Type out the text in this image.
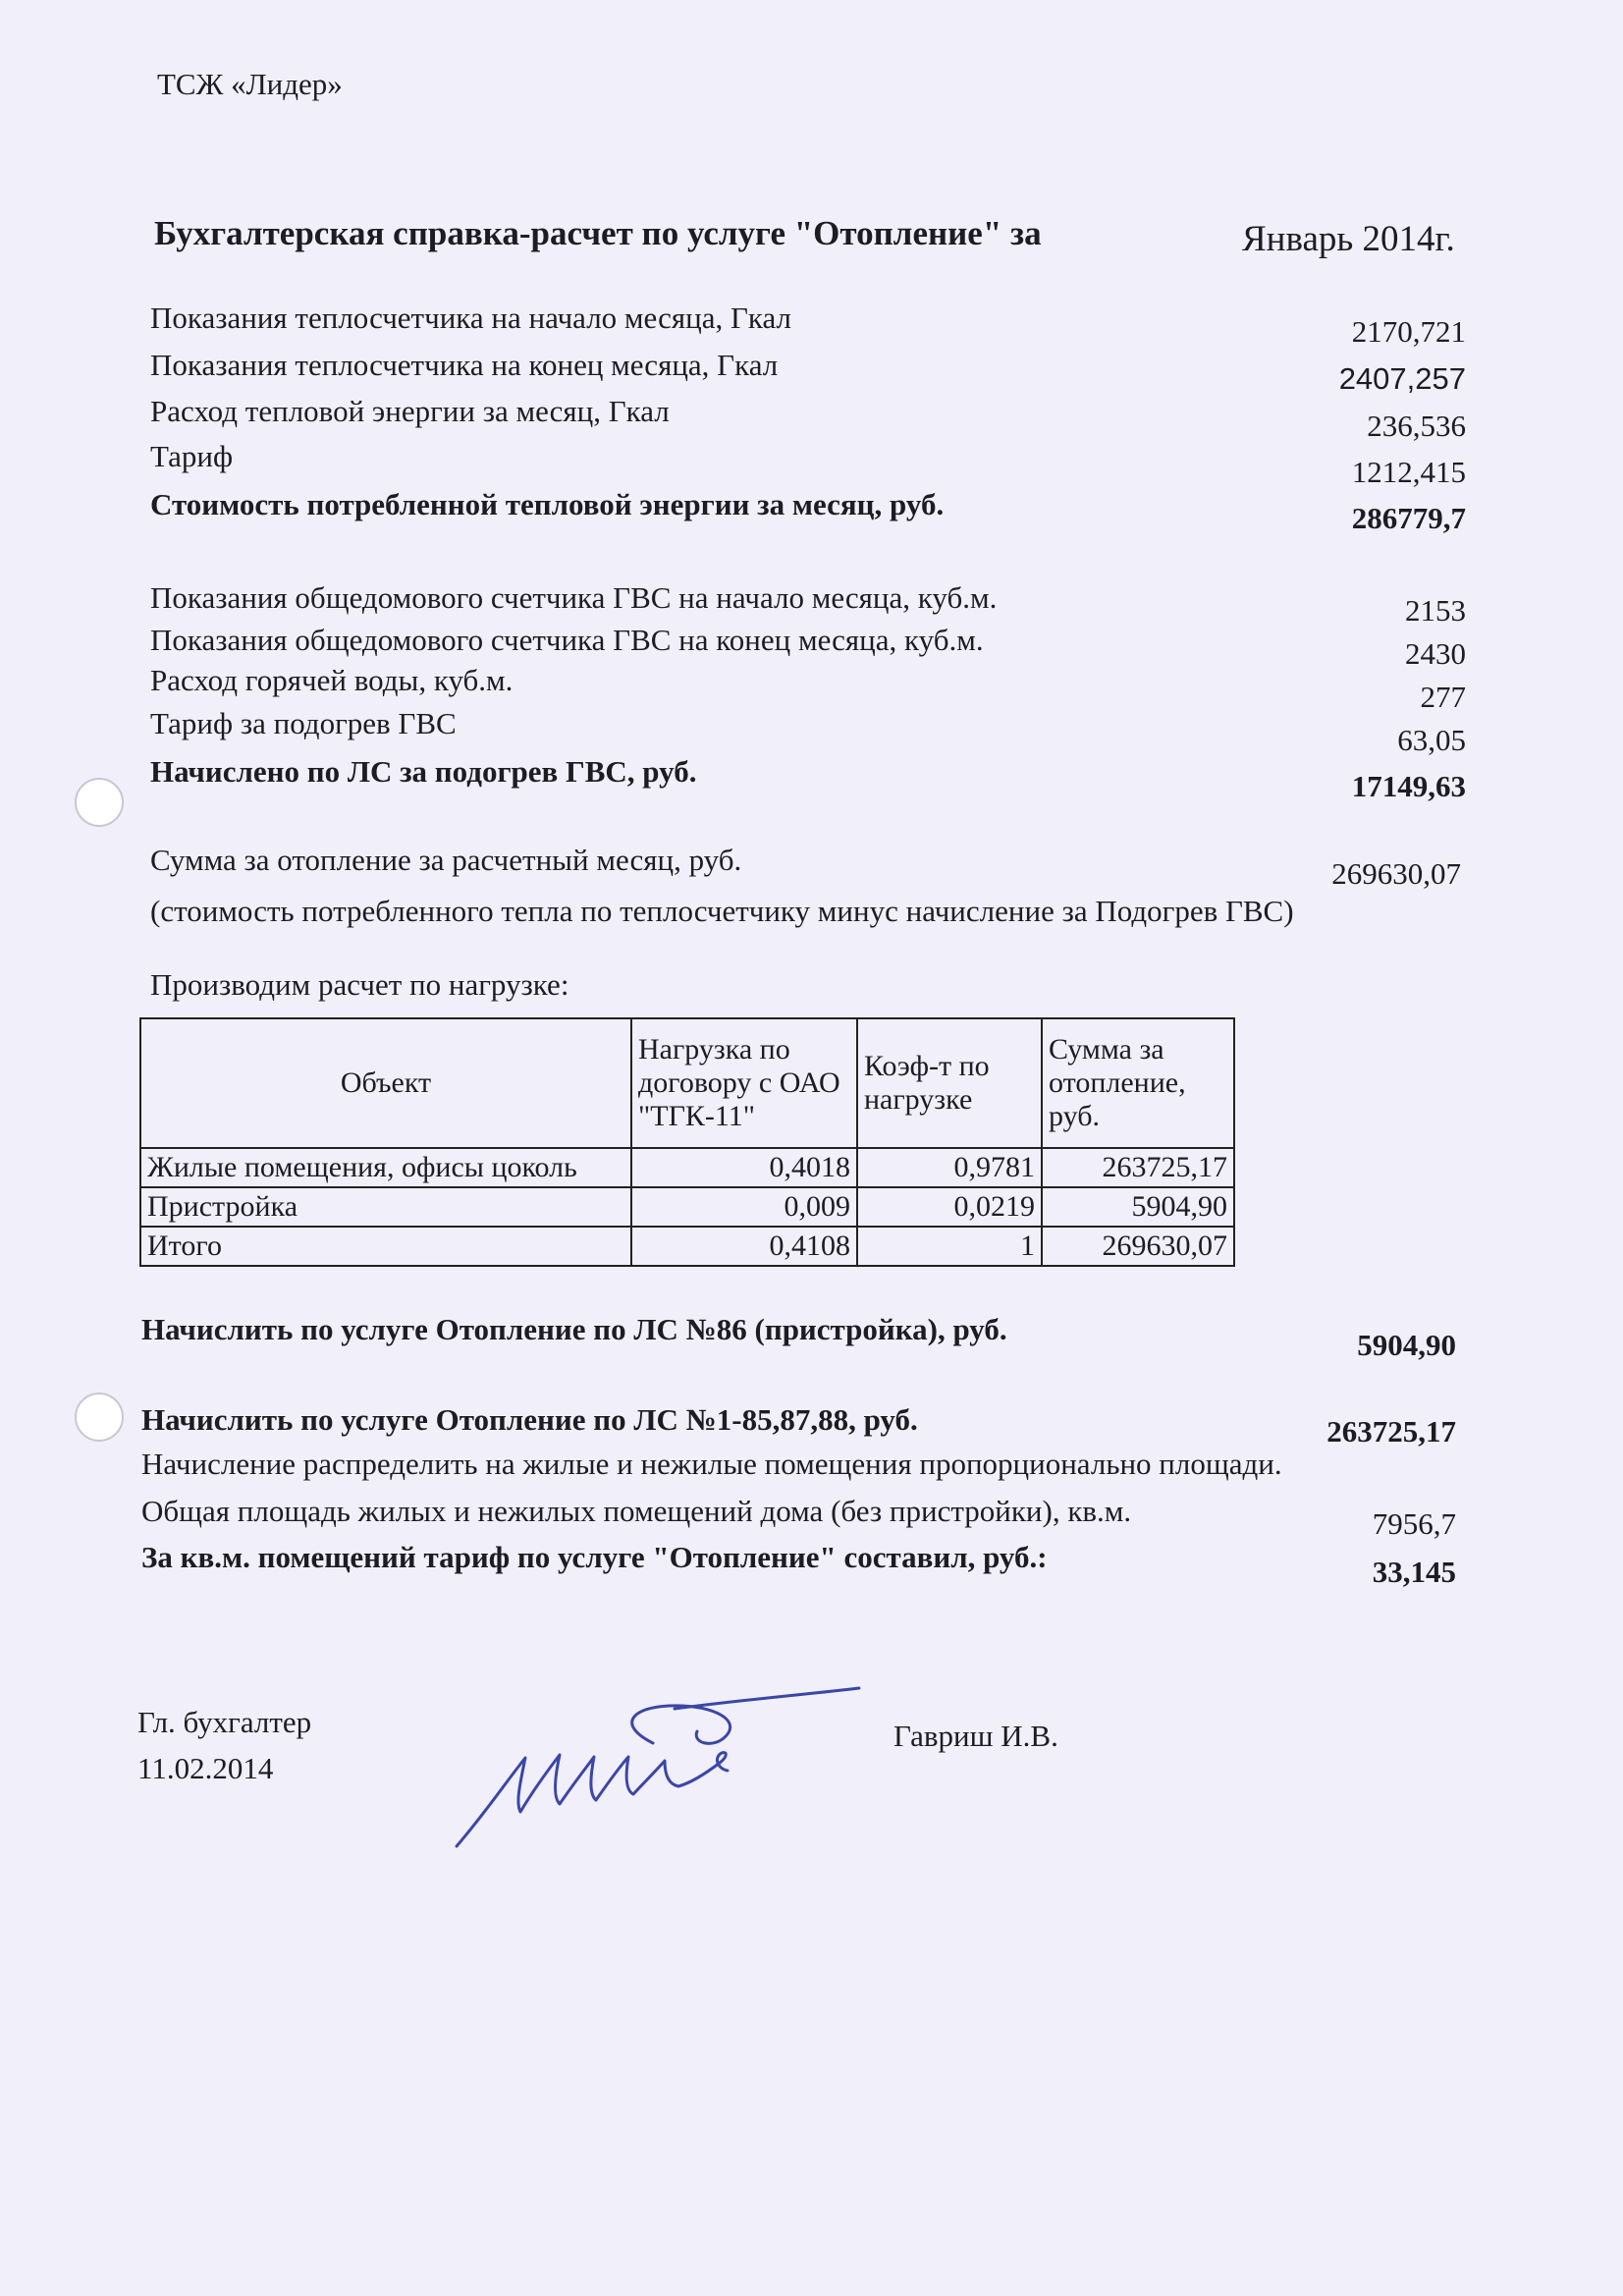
ТСЖ «Лидер»
Бухгалтерская справка-расчет по услуге "Отопление" за	Январь 2014г.
Показания теплосчетчика на начало месяца, Гкал	2170,721
Показания теплосчетчика на конец месяца, Гкал	2407,257
Расход тепловой энергии за месяц, Гкал	236,536
Тариф	1212,415
Стоимость потребленной тепловой энергии за месяц, руб.	286779,7
Показания общедомового счетчика ГВС на начало месяца, куб.м.	2153
Показания общедомового счетчика ГВС на конец месяца, куб.м.	2430
Расход горячей воды, куб.м.	277
Тариф за подогрев ГВС	63,05
Начислено по ЛС за подогрев ГВС, руб.	17149,63
Сумма за отопление за расчетный месяц, руб.	269630,07
(стоимость потребленного тепла по теплосчетчику минус начисление за Подогрев ГВС)
Производим расчет по нагрузке:
Объект	Нагрузка по договору с ОАО "ТГК-11"	Коэф-т по нагрузке	Сумма за отопление, руб.
Жилые помещения, офисы цоколь	0,4018	0,9781	263725,17
Пристройка	0,009	0,0219	5904,90
Итого	0,4108	1	269630,07
Начислить по услуге Отопление по ЛС №86 (пристройка), руб.	5904,90
Начислить по услуге Отопление по ЛС №1-85,87,88, руб.	263725,17
Начисление распределить на жилые и нежилые помещения пропорционально площади.
Общая площадь жилых и нежилых помещений дома (без пристройки), кв.м.	7956,7
За кв.м. помещений тариф по услуге "Отопление" составил, руб.:	33,145
Гл. бухгалтер
11.02.2014
Гавриш И.В.
